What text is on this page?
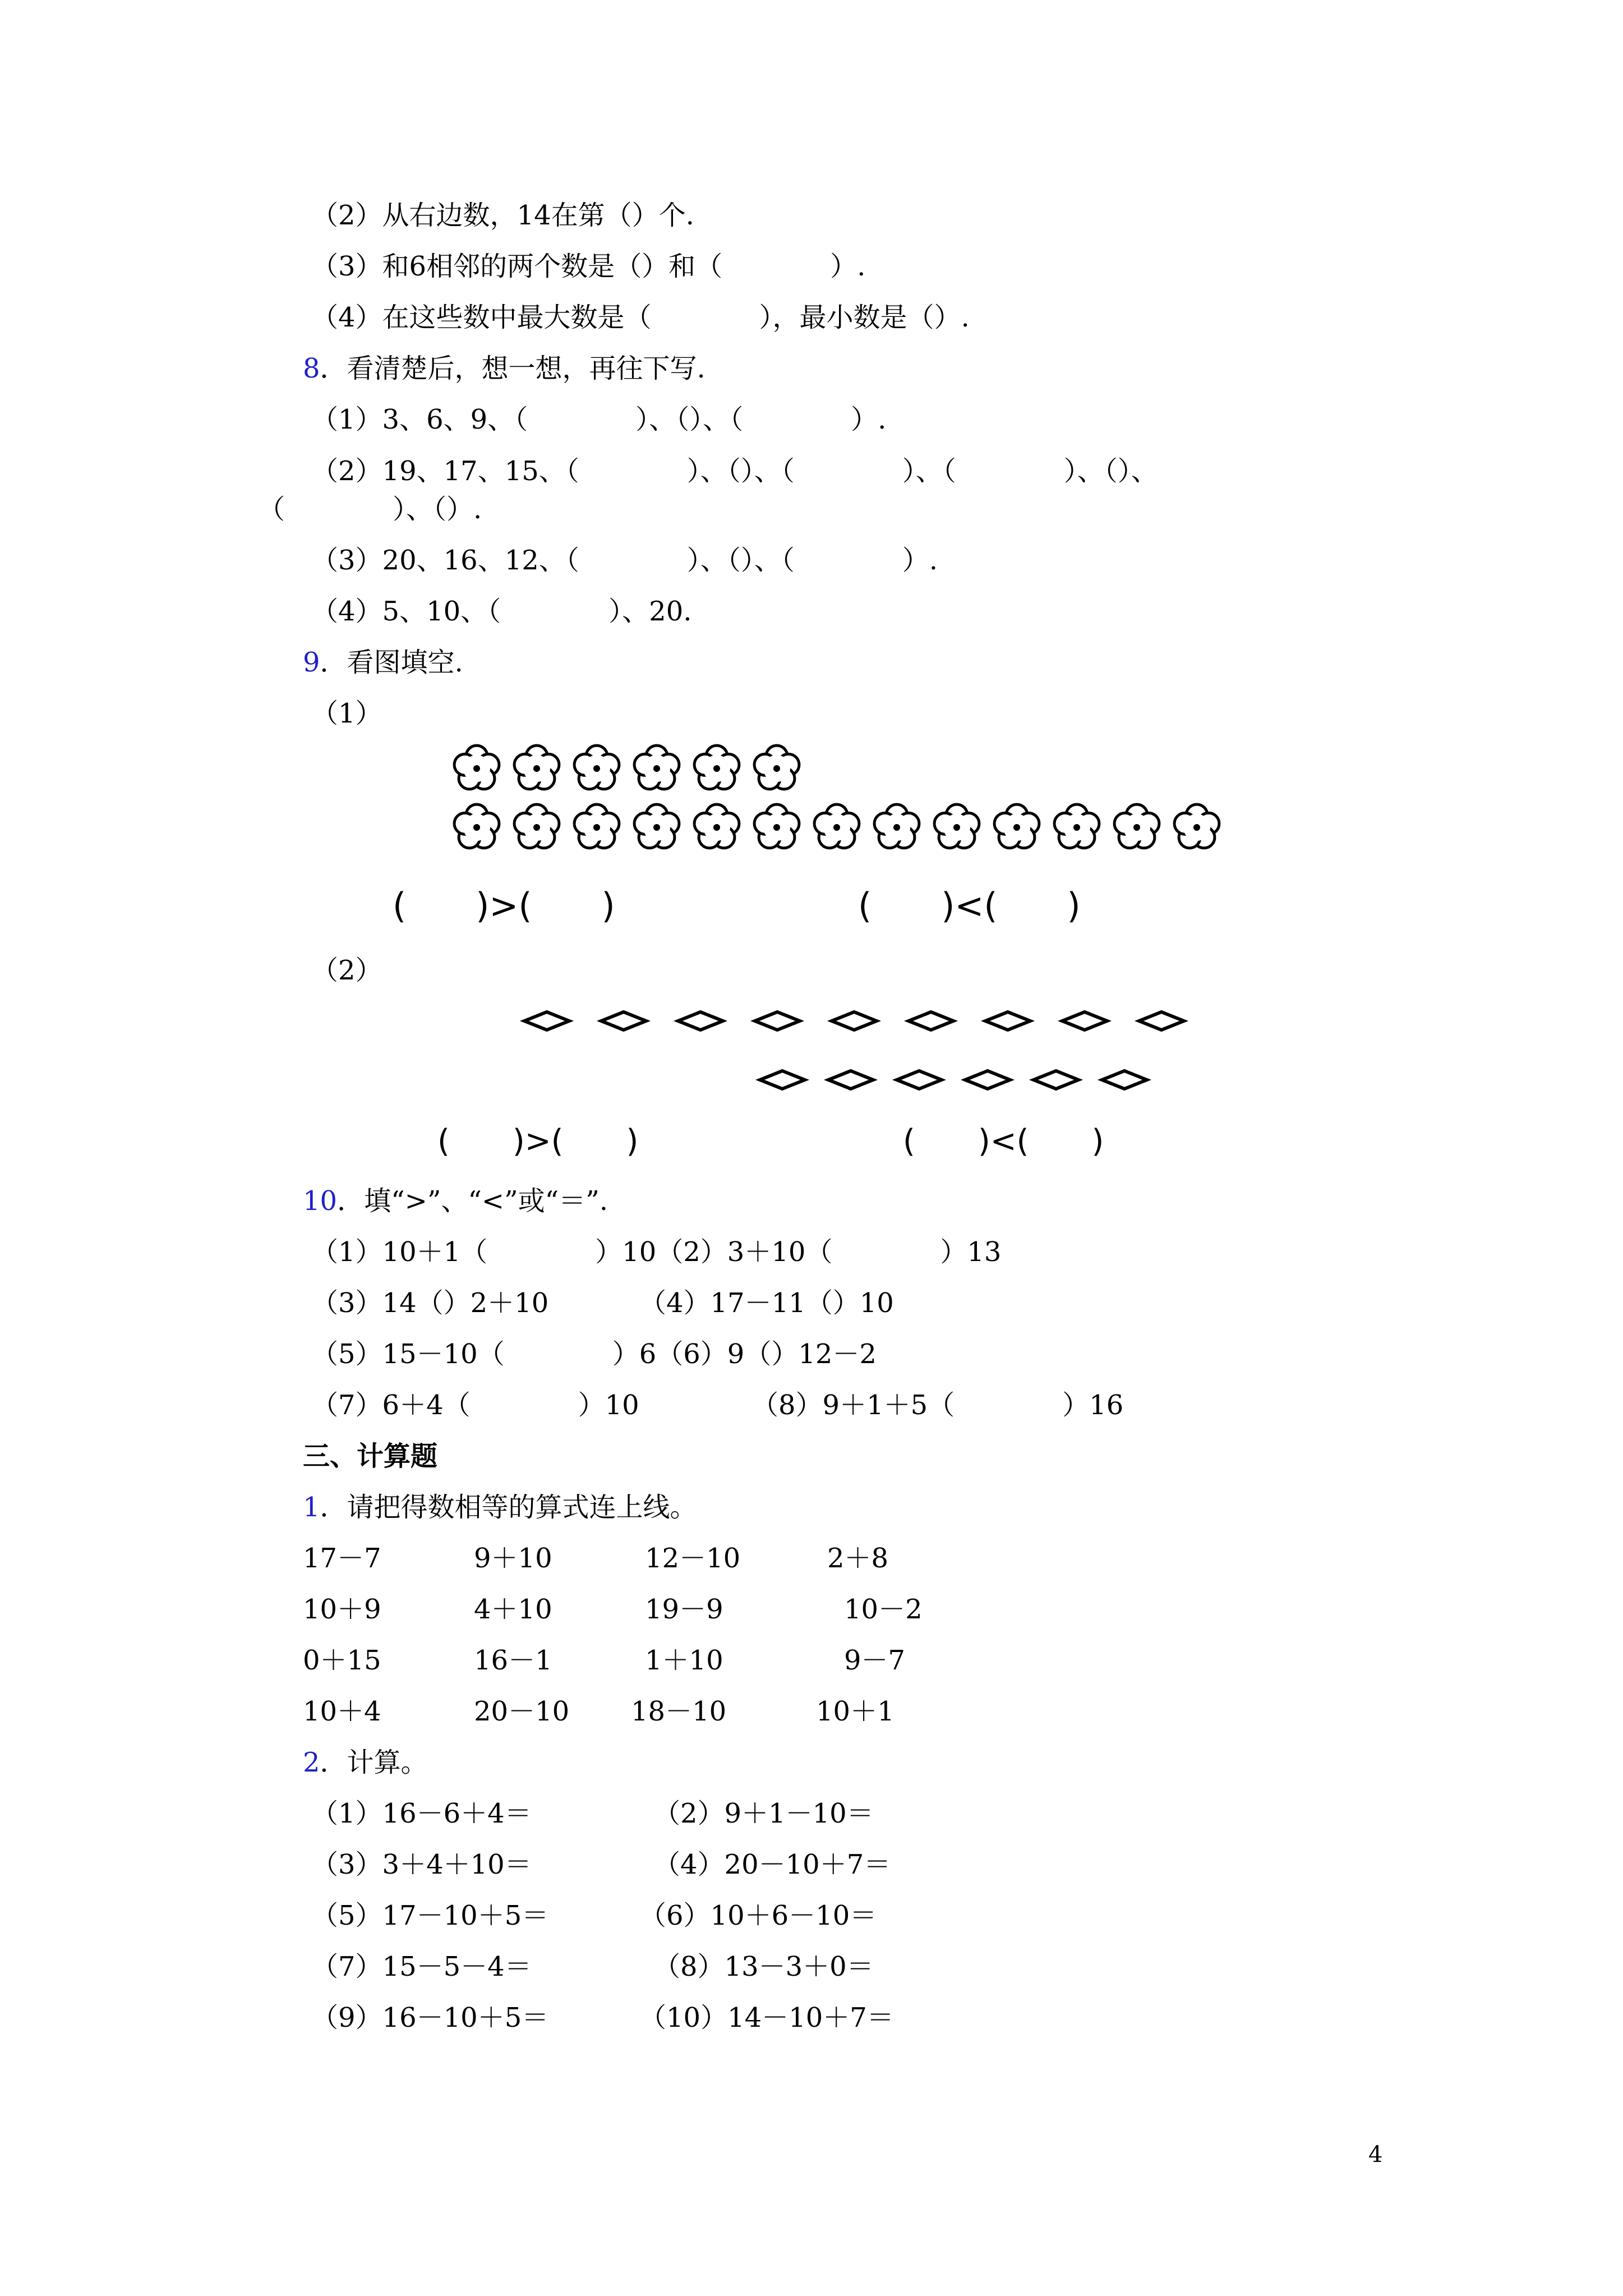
（2）从右边数，14在第（）个.
（3）和6相邻的两个数是（）和（　　　　）.
（4）在这些数中最大数是（　　　　），最小数是（）.
8．看清楚后，想一想，再往下写.
（1）3、6、9、（　　　　）、（）、（　　　　）.
（2）19、17、15、（　　　　）、（）、（　　　　）、（　　　　）、（）、
（　　　　）、（）.
（3）20、16、12、（　　　　）、（）、（　　　　）.
（4）5、10、（　　　　）、20.
9．看图填空.
（1）
(　　)>(　　)	(　　)<(　　)
（2）
(　　)>(　　)	(　　)<(　　)
10．填“>”、“<”或“＝”.
（1）10＋1（　　　　）10（2）3＋10（　　　　）13
（3）14（）2＋10	（4）17－11（）10
（5）15－10（　　　　）6（6）9（）12－2
（7）6＋4（　　　　）10	（8）9＋1＋5（　　　　）16
三、计算题
1．请把得数相等的算式连上线。
17－7	9＋10	12－10	2＋8
10＋9	4＋10	19－9	10－2
0＋15	16－1	1＋10	9－7
10＋4	20－10 18－10	10＋1
2．计算。
（1）16－6＋4＝	（2）9＋1－10＝
（3）3＋4＋10＝	（4）20－10＋7＝
（5）17－10＋5＝	（6）10＋6－10＝
（7）15－5－4＝	（8）13－3＋0＝
（9）16－10＋5＝	（10）14－10＋7＝
4
